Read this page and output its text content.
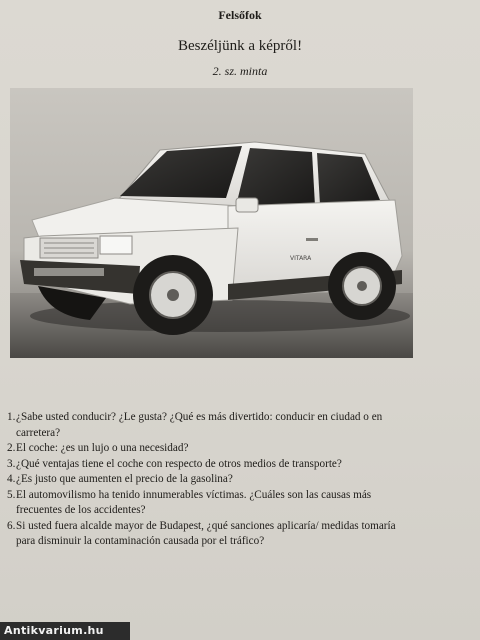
Felsőfok
Beszéljünk a képről!
2. sz. minta
VITARA
1. ¿Sabe usted conducir? ¿Le gusta? ¿Qué es más divertido: conducir en ciudad o en carretera?
2. El coche: ¿es un lujo o una necesidad?
3. ¿Qué ventajas tiene el coche con respecto de otros medios de transporte?
4. ¿Es justo que aumenten el precio de la gasolina?
5. El automovilismo ha tenido innumerables víctimas. ¿Cuáles son las causas más frecuentes de los accidentes?
6. Si usted fuera alcalde mayor de Budapest, ¿qué sanciones aplicaría/ medidas tomaría para disminuir la contaminación causada por el tráfico?
Antikvarium.hu
